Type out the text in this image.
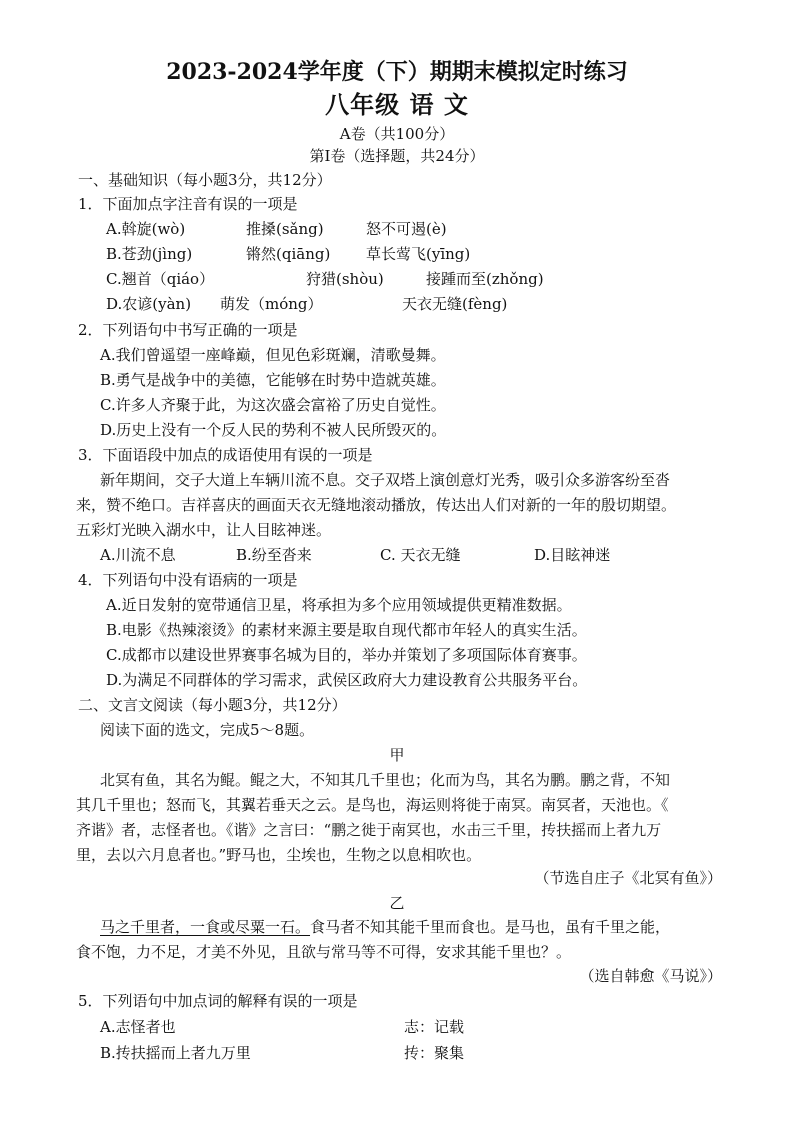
2023-2024学年度（下）期期末模拟定时练习
八年级 语 文
A卷（共100分）
第Ⅰ卷（选择题，共24分）
一、基础知识（每小题3分，共12分）
1．下面加点字注音有误的一项是
A.斡旋(wò)	推搡(sǎng)	怒不可遏(è)
B.苍劲(jìng)	锵然(qiāng) 草长莺飞(yīng)
C.翘首（qiáo）	狩猎(shòu)	接踵而至(zhǒng)
D.农谚(yàn) 萌发（móng）	天衣无缝(fèng)
2．下列语句中书写正确的一项是
A.我们曾遥望一座峰巅，但见色彩斑斓，清歌曼舞。
B.勇气是战争中的美德，它能够在时势中造就英雄。
C.许多人齐聚于此，为这次盛会富裕了历史自觉性。
D.历史上没有一个反人民的势利不被人民所毁灭的。
3．下面语段中加点的成语使用有误的一项是
新年期间，交子大道上车辆川流不息。交子双塔上演创意灯光秀，吸引众多游客纷至沓
来，赞不绝口。吉祥喜庆的画面天衣无缝地滚动播放，传达出人们对新的一年的殷切期望。
五彩灯光映入湖水中，让人目眩神迷。
A.川流不息	B.纷至沓来	C. 天衣无缝	D.目眩神迷
4．下列语句中没有语病的一项是
A.近日发射的宽带通信卫星，将承担为多个应用领域提供更精准数据。
B.电影《热辣滚烫》的素材来源主要是取自现代都市年轻人的真实生活。
C.成都市以建设世界赛事名城为目的，举办并策划了多项国际体育赛事。
D.为满足不同群体的学习需求，武侯区政府大力建设教育公共服务平台。
二、文言文阅读（每小题3分，共12分）
阅读下面的选文，完成5～8题。
甲
北冥有鱼，其名为鲲。鲲之大，不知其几千里也；化而为鸟，其名为鹏。鹏之背，不知
其几千里也；怒而飞，其翼若垂天之云。是鸟也，海运则将徙于南冥。南冥者，天池也。《
齐谐》者，志怪者也。《谐》之言曰：“鹏之徙于南冥也，水击三千里，抟扶摇而上者九万
里，去以六月息者也。”野马也，尘埃也，生物之以息相吹也。
（节选自庄子《北冥有鱼》）
乙
马之千里者，一食或尽粟一石。食马者不知其能千里而食也。是马也，虽有千里之能，
食不饱，力不足，才美不外见，且欲与常马等不可得，安求其能千里也？。
（选自韩愈《马说》）
5．下列语句中加点词的解释有误的一项是
A.志怪者也	志：记载
B.抟扶摇而上者九万里	抟：聚集
